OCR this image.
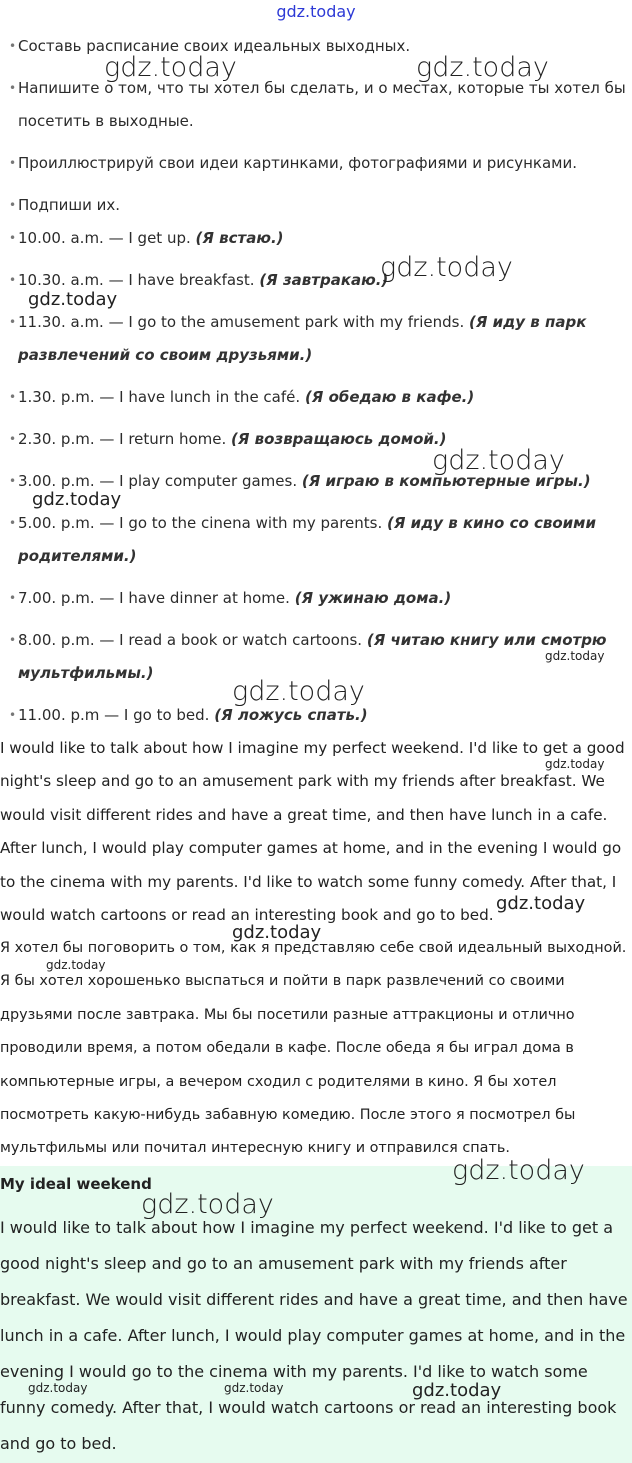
gdz.today
• Составь расписание своих идеальных выходных.
• Напишите о том, что ты хотел бы сделать, и о местах, которые ты хотел бы посетить в выходные.
• Проиллюстрируй свои идеи картинками, фотографиями и рисунками.
• Подпиши их.
• 10.00. a.m. — I get up. (Я встаю.)
• 10.30. a.m. — I have breakfast. (Я завтракаю.)
• 11.30. a.m. — I go to the amusement park with my friends. (Я иду в парк развлечений со своим друзьями.)
• 1.30. p.m. — I have lunch in the café. (Я обедаю в кафе.)
• 2.30. p.m. — I return home. (Я возвращаюсь домой.)
• 3.00. p.m. — I play computer games. (Я играю в компьютерные игры.)
• 5.00. p.m. — I go to the cinena with my parents. (Я иду в кино со своими родителями.)
• 7.00. p.m. — I have dinner at home. (Я ужинаю дома.)
• 8.00. p.m. — I read a book or watch cartoons. (Я читаю книгу или смотрю мультфильмы.)
• 11.00. p.m — I go to bed. (Я ложусь спать.)

I would like to talk about how I imagine my perfect weekend. I'd like to get a good night's sleep and go to an amusement park with my friends after breakfast. We would visit different rides and have a great time, and then have lunch in a cafe. After lunch, I would play computer games at home, and in the evening I would go to the cinema with my parents. I'd like to watch some funny comedy. After that, I would watch cartoons or read an interesting book and go to bed.

Я хотел бы поговорить о том, как я представляю себе свой идеальный выходной. Я бы хотел хорошенько выспаться и пойти в парк развлечений со своими друзьями после завтрака. Мы бы посетили разные аттракционы и отлично проводили время, а потом обедали в кафе. После обеда я бы играл дома в компьютерные игры, а вечером сходил с родителями в кино. Я бы хотел посмотреть какую-нибудь забавную комедию. После этого я посмотрел бы мультфильмы или почитал интересную книгу и отправился спать.

My ideal weekend

I would like to talk about how I imagine my perfect weekend. I'd like to get a good night's sleep and go to an amusement park with my friends after breakfast. We would visit different rides and have a great time, and then have lunch in a cafe. After lunch, I would play computer games at home, and in the evening I would go to the cinema with my parents. I'd like to watch some funny comedy. After that, I would watch cartoons or read an interesting book and go to bed.

gdz.today	gdz.today
gdz.today
gdz.today
gdz.today
gdz.today
gdz.today
gdz.today
gdz.today
gdz.today
gdz.today
gdz.today
gdz.today
gdz.today
gdz.today	gdz.today	gdz.today
